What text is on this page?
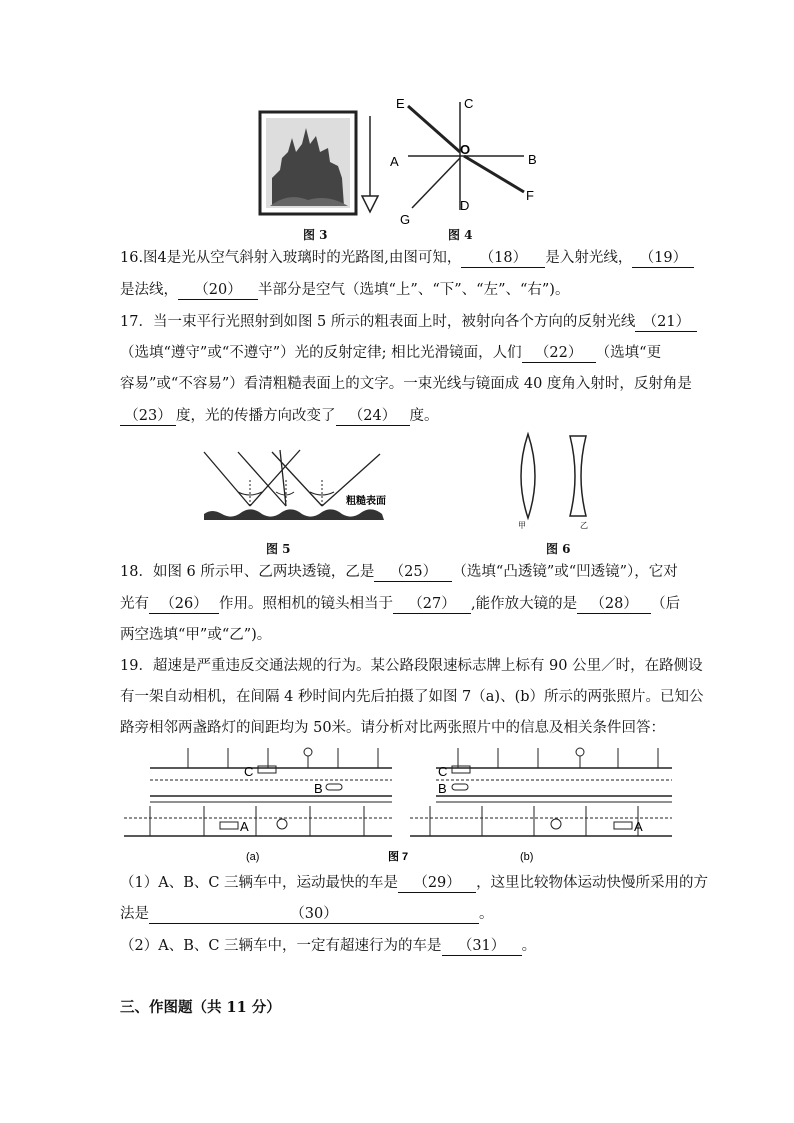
图 3
E	C
A
O
B
G
D
F
图 4
16.图4是光从空气斜射入玻璃时的光路图,由图可知， （18） 是入射光线， （19）
是法线， （20） 半部分是空气（选填“上”、“下”、“左”、“右”)。
17．当一束平行光照射到如图 5 所示的粗表面上时，被射向各个方向的反射光线 （21）
（选填“遵守”或“不遵守”）光的反射定律; 相比光滑镜面，人们 （22） （选填“更
容易”或“不容易”）看清粗糙表面上的文字。一束光线与镜面成 40 度角入射时，反射角是
（23） 度，光的传播方向改变了 （24） 度。
粗糙表面
图 5
甲	乙
图 6
18．如图 6 所示甲、乙两块透镜，乙是 （25） （选填“凸透镜”或“凹透镜”），它对
光有 （26） 作用。照相机的镜头相当于 （27） ,能作放大镜的是 （28） （后
两空选填“甲”或“乙”)。
19．超速是严重违反交通法规的行为。某公路段限速标志牌上标有 90 公里／时，在路侧设
有一架自动相机，在间隔 4 秒时间内先后拍摄了如图 7（a)、(b）所示的两张照片。已知公
路旁相邻两盏路灯的间距均为 50米。请分析对比两张照片中的信息及相关条件回答：
C
B
A
(a)	图 7
C
B
A
(b)
（1）A、B、C 三辆车中，运动最快的车是 （29） ，这里比较物体运动快慢所采用的方
法是	（30）	。
（2）A、B、C 三辆车中，一定有超速行为的车是 （31） 。
三、作图题（共 11 分）
